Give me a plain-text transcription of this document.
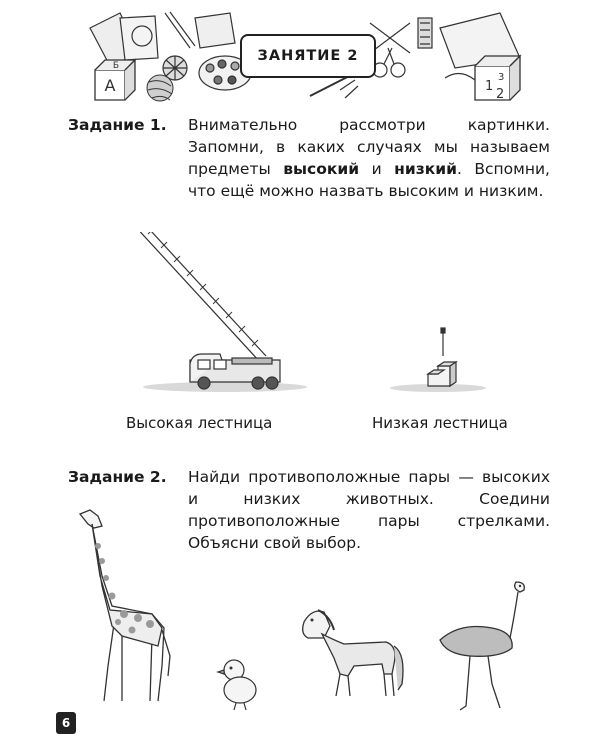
А
Б
1
2
3
ЗАНЯТИЕ 2
Задание 1. Внимательно рассмотри картинки. Запомни, в каких случаях мы называем предметы высокий и низкий. Вспомни, что ещё можно назвать высоким и низким.
Высокая лестница	Низкая лестница
Задание 2. Найди противоположные пары — высоких и низких животных. Соедини противоположные пары стрелками. Объясни свой выбор.
6
